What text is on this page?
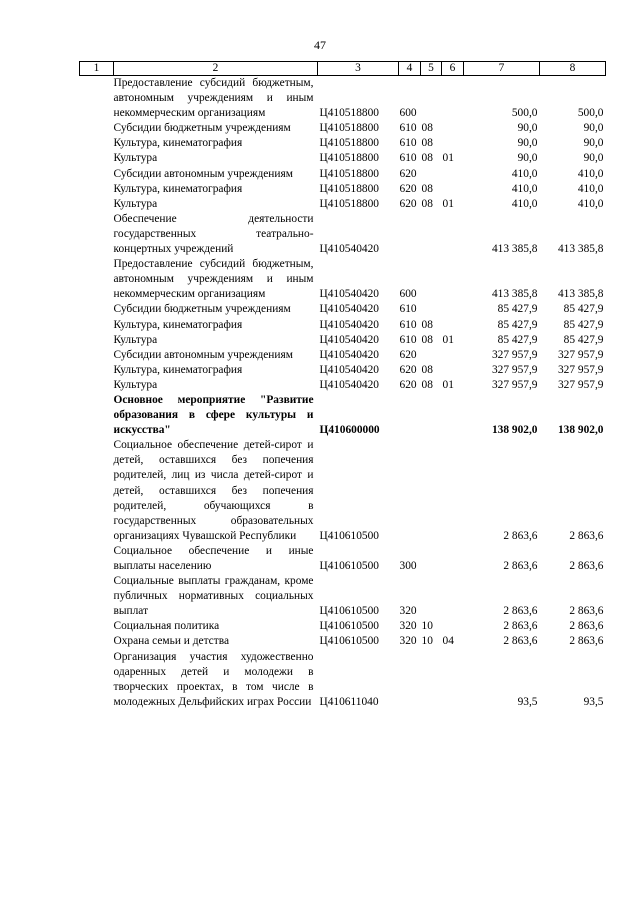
47
1	2	3	4	5	6	7	8
	Предоставление субсидий бюджетным, автономным учреждениям и иным некоммерческим организациям	Ц410518800	600			500,0	500,0
	Субсидии бюджетным учреждениям	Ц410518800	610	08		90,0	90,0
	Культура, кинематография	Ц410518800	610	08		90,0	90,0
	Культура	Ц410518800	610	08	01	90,0	90,0
	Субсидии автономным учреждениям	Ц410518800	620			410,0	410,0
	Культура, кинематография	Ц410518800	620	08		410,0	410,0
	Культура	Ц410518800	620	08	01	410,0	410,0
	Обеспечение деятельности государственных театрально-концертных учреждений	Ц410540420				413 385,8	413 385,8
	Предоставление субсидий бюджетным, автономным учреждениям и иным некоммерческим организациям	Ц410540420	600			413 385,8	413 385,8
	Субсидии бюджетным учреждениям	Ц410540420	610			85 427,9	85 427,9
	Культура, кинематография	Ц410540420	610	08		85 427,9	85 427,9
	Культура	Ц410540420	610	08	01	85 427,9	85 427,9
	Субсидии автономным учреждениям	Ц410540420	620			327 957,9	327 957,9
	Культура, кинематография	Ц410540420	620	08		327 957,9	327 957,9
	Культура	Ц410540420	620	08	01	327 957,9	327 957,9
	Основное мероприятие "Развитие образования в сфере культуры и искусства"	Ц410600000				138 902,0	138 902,0
	Социальное обеспечение детей-сирот и детей, оставшихся без попечения родителей, лиц из числа детей-сирот и детей, оставшихся без попечения родителей, обучающихся в государственных образовательных организациях Чувашской Республики	Ц410610500				2 863,6	2 863,6
	Социальное обеспечение и иные выплаты населению	Ц410610500	300			2 863,6	2 863,6
	Социальные выплаты гражданам, кроме публичных нормативных социальных выплат	Ц410610500	320			2 863,6	2 863,6
	Социальная политика	Ц410610500	320	10		2 863,6	2 863,6
	Охрана семьи и детства	Ц410610500	320	10	04	2 863,6	2 863,6
	Организация участия художественно одаренных детей и молодежи в творческих проектах, в том числе в молодежных Дельфийских играх России	Ц410611040				93,5	93,5
